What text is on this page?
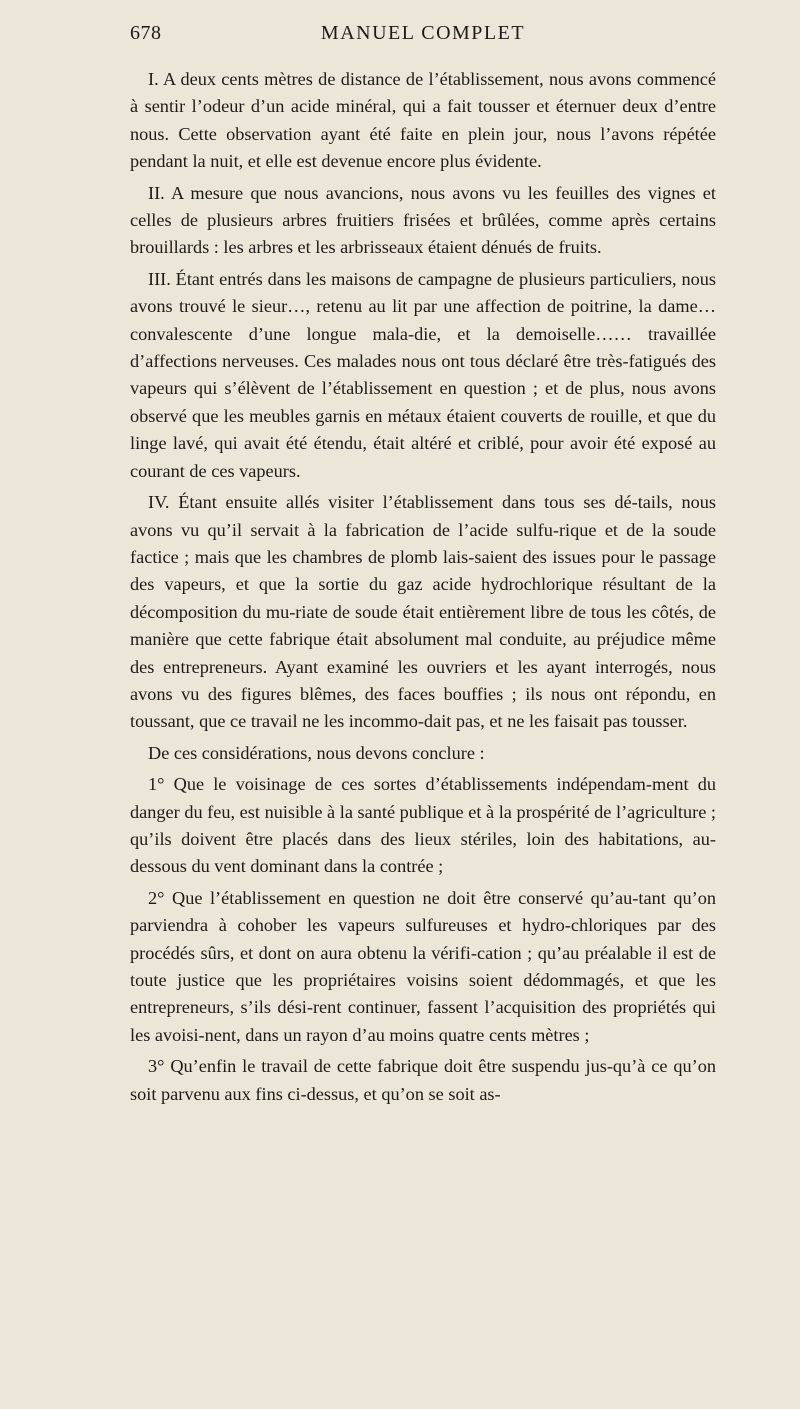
678	MANUEL COMPLET

I. A deux cents mètres de distance de l’établissement, nous avons commencé à sentir l’odeur d’un acide minéral, qui a fait tousser et éternuer deux d’entre nous. Cette observation ayant été faite en plein jour, nous l’avons répétée pendant la nuit, et elle est devenue encore plus évidente.

II. A mesure que nous avancions, nous avons vu les feuilles des vignes et celles de plusieurs arbres fruitiers frisées et brûlées, comme après certains brouillards : les arbres et les arbrisseaux étaient dénués de fruits.

III. Étant entrés dans les maisons de campagne de plusieurs particuliers, nous avons trouvé le sieur…, retenu au lit par une affection de poitrine, la dame… convalescente d’une longue mala-die, et la demoiselle…… travaillée d’affections nerveuses. Ces malades nous ont tous déclaré être très-fatigués des vapeurs qui s’élèvent de l’établissement en question ; et de plus, nous avons observé que les meubles garnis en métaux étaient couverts de rouille, et que du linge lavé, qui avait été étendu, était altéré et criblé, pour avoir été exposé au courant de ces vapeurs.

IV. Étant ensuite allés visiter l’établissement dans tous ses dé-tails, nous avons vu qu’il servait à la fabrication de l’acide sulfu-rique et de la soude factice ; mais que les chambres de plomb lais-saient des issues pour le passage des vapeurs, et que la sortie du gaz acide hydrochlorique résultant de la décomposition du mu-riate de soude était entièrement libre de tous les côtés, de manière que cette fabrique était absolument mal conduite, au préjudice même des entrepreneurs. Ayant examiné les ouvriers et les ayant interrogés, nous avons vu des figures blêmes, des faces bouffies ; ils nous ont répondu, en toussant, que ce travail ne les incommo-dait pas, et ne les faisait pas tousser.

De ces considérations, nous devons conclure :

1° Que le voisinage de ces sortes d’établissements indépendam-ment du danger du feu, est nuisible à la santé publique et à la prospérité de l’agriculture ; qu’ils doivent être placés dans des lieux stériles, loin des habitations, au-dessous du vent dominant dans la contrée ;

2° Que l’établissement en question ne doit être conservé qu’au-tant qu’on parviendra à cohober les vapeurs sulfureuses et hydro-chloriques par des procédés sûrs, et dont on aura obtenu la vérifi-cation ; qu’au préalable il est de toute justice que les propriétaires voisins soient dédommagés, et que les entrepreneurs, s’ils dési-rent continuer, fassent l’acquisition des propriétés qui les avoisi-nent, dans un rayon d’au moins quatre cents mètres ;

3° Qu’enfin le travail de cette fabrique doit être suspendu jus-qu’à ce qu’on soit parvenu aux fins ci-dessus, et qu’on se soit as-
